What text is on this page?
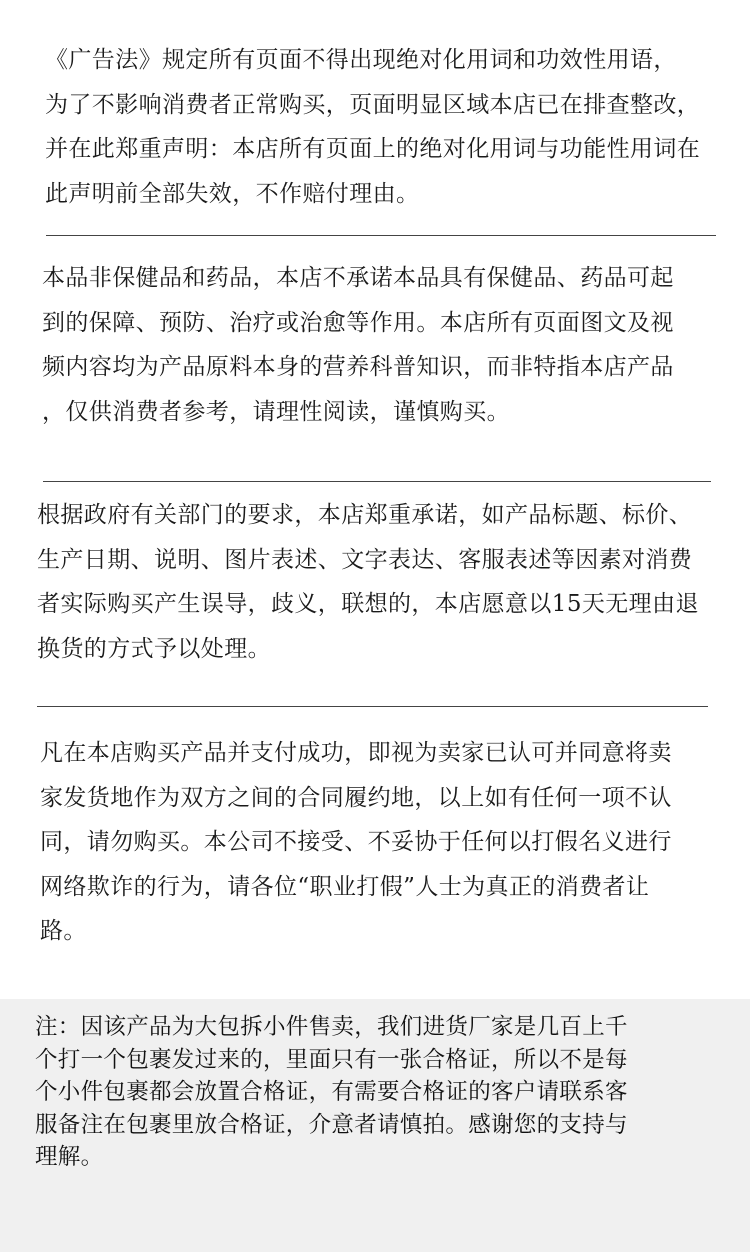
《广告法》规定所有页面不得出现绝对化用词和功效性用语，
为了不影响消费者正常购买，页面明显区域本店已在排查整改，
并在此郑重声明：本店所有页面上的绝对化用词与功能性用词在
此声明前全部失效，不作赔付理由。

本品非保健品和药品，本店不承诺本品具有保健品、药品可起
到的保障、预防、治疗或治愈等作用。本店所有页面图文及视
频内容均为产品原料本身的营养科普知识，而非特指本店产品
，仅供消费者参考，请理性阅读，谨慎购买。

根据政府有关部门的要求，本店郑重承诺，如产品标题、标价、
生产日期、说明、图片表述、文字表达、客服表述等因素对消费
者实际购买产生误导，歧义，联想的，本店愿意以15天无理由退
换货的方式予以处理。

凡在本店购买产品并支付成功，即视为卖家已认可并同意将卖
家发货地作为双方之间的合同履约地，以上如有任何一项不认
同，请勿购买。本公司不接受、不妥协于任何以打假名义进行
网络欺诈的行为，请各位“职业打假”人士为真正的消费者让
路。

注：因该产品为大包拆小件售卖，我们进货厂家是几百上千
个打一个包裹发过来的，里面只有一张合格证，所以不是每
个小件包裹都会放置合格证，有需要合格证的客户请联系客
服备注在包裹里放合格证，介意者请慎拍。感谢您的支持与
理解。
